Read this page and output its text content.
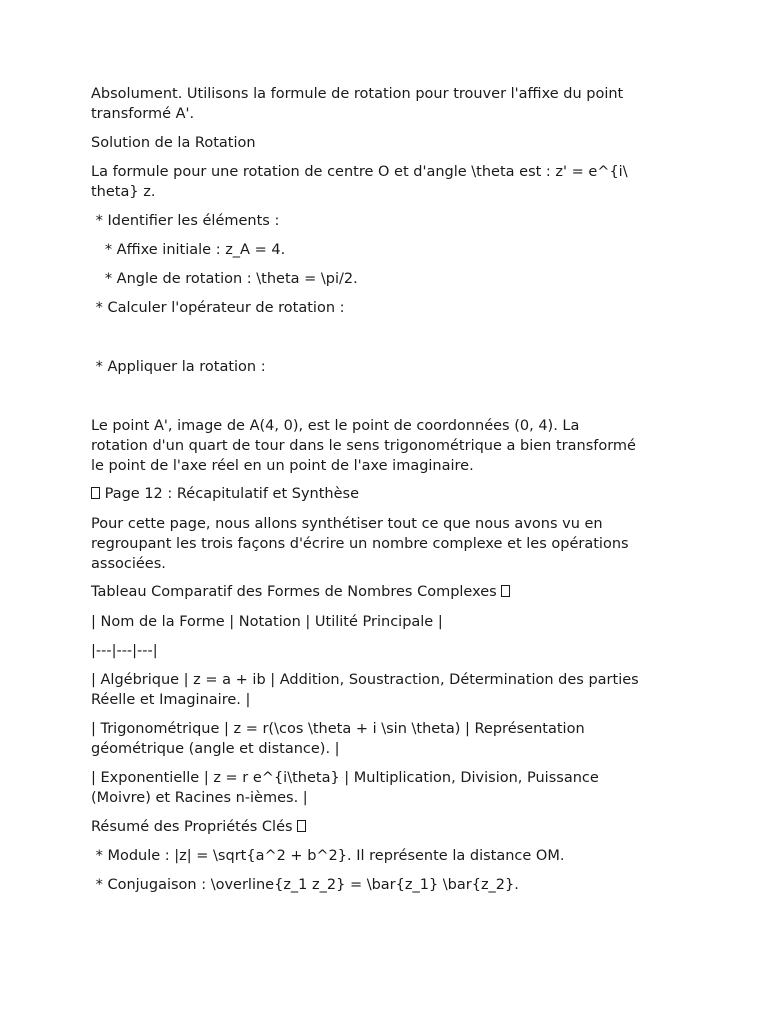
Absolument. Utilisons la formule de rotation pour trouver l'affixe du point
transformé A'.

Solution de la Rotation

La formule pour une rotation de centre O et d'angle \theta est : z' = e^{i\
theta} z.

* Identifier les éléments :

* Affixe initiale : z_A = 4.

* Angle de rotation : \theta = \pi/2.

* Calculer l'opérateur de rotation :

* Appliquer la rotation :

Le point A', image de A(4, 0), est le point de coordonnées (0, 4). La
rotation d'un quart de tour dans le sens trigonométrique a bien transformé
le point de l'axe réel en un point de l'axe imaginaire.

Page 12 : Récapitulatif et Synthèse

Pour cette page, nous allons synthétiser tout ce que nous avons vu en
regroupant les trois façons d'écrire un nombre complexe et les opérations
associées.

Tableau Comparatif des Formes de Nombres Complexes

| Nom de la Forme | Notation | Utilité Principale |

|---|---|---|

| Algébrique | z = a + ib | Addition, Soustraction, Détermination des parties
Réelle et Imaginaire. |

| Trigonométrique | z = r(\cos \theta + i \sin \theta) | Représentation
géométrique (angle et distance). |

| Exponentielle | z = r e^{i\theta} | Multiplication, Division, Puissance
(Moivre) et Racines n-ièmes. |

Résumé des Propriétés Clés

* Module : |z| = \sqrt{a^2 + b^2}. Il représente la distance OM.

* Conjugaison : \overline{z_1 z_2} = \bar{z_1} \bar{z_2}.
